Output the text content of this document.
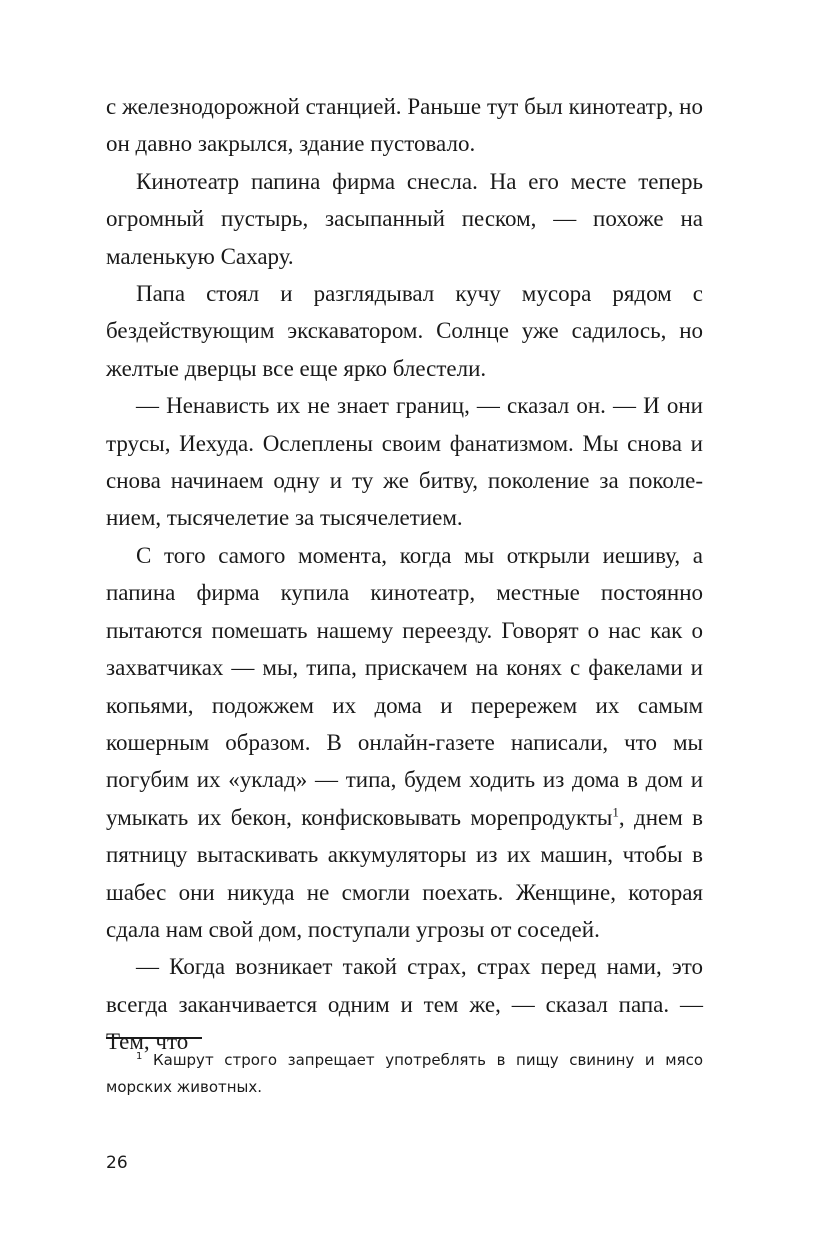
с железнодорожной станцией. Раньше тут был кинотеатр, но он давно закрылся, здание пустовало.

Кинотеатр папина фирма снесла. На его месте теперь огромный пустырь, засыпанный песком, — похоже на маленькую Сахару.

Папа стоял и разглядывал кучу мусора рядом с бездействующим экскаватором. Солнце уже садилось, но желтые дверцы все еще ярко блестели.

— Ненависть их не знает границ, — сказал он. — И они трусы, Иехуда. Ослеплены своим фанатизмом. Мы снова и снова начинаем одну и ту же битву, поколение за поколением, тысячелетие за тысячелетием.

С того самого момента, когда мы открыли иешиву, а папина фирма купила кинотеатр, местные постоянно пытаются помешать нашему переезду. Говорят о нас как о захватчиках — мы, типа, прискачем на конях с факелами и копьями, подожжем их дома и перережем их самым кошерным образом. В онлайн-газете написали, что мы погубим их «уклад» — типа, будем ходить из дома в дом и умыкать их бекон, конфисковывать морепродукты$^1$, днем в пятницу вытаскивать аккумуляторы из их машин, чтобы в шабес они никуда не смогли поехать. Женщине, которая сдала нам свой дом, поступали угрозы от соседей.

— Когда возникает такой страх, страх перед нами, это всегда заканчивается одним и тем же, — сказал папа. — Тем, что

$^1$ Кашрут строго запрещает употреблять в пищу свинину и мясо морских животных.
26
